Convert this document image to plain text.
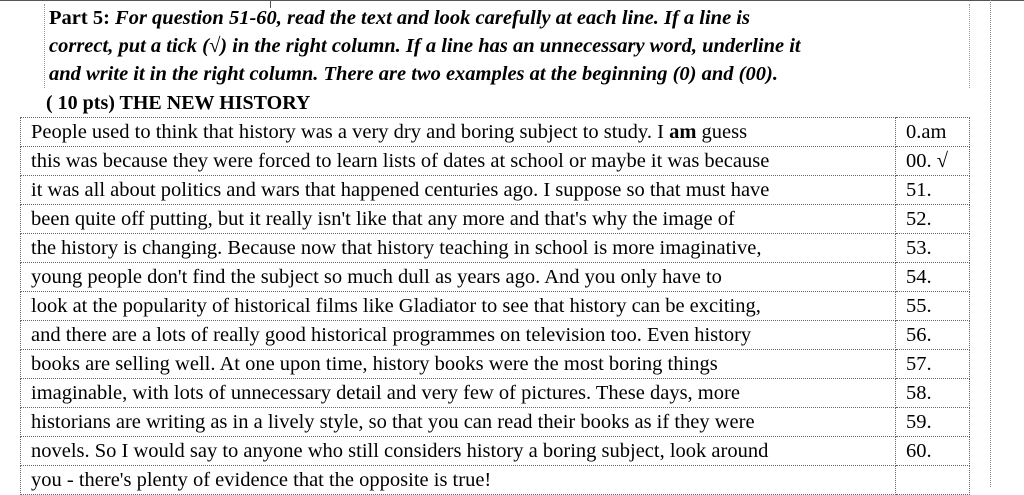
Part 5: For question 51-60, read the text and look carefully at each line. If a line is
correct, put a tick (√) in the right column. If a line has an unnecessary word, underline it
and write it in the right column. There are two examples at the beginning (0) and (00).
( 10 pts) THE NEW HISTORY
People used to think that history was a very dry and boring subject to study. I am guess	0.am
this was because they were forced to learn lists of dates at school or maybe it was because	00. √
it was all about politics and wars that happened centuries ago. I suppose so that must have	51.
been quite off putting, but it really isn't like that any more and that's why the image of	52.
the history is changing. Because now that history teaching in school is more imaginative,	53.
young people don't find the subject so much dull as years ago. And you only have to	54.
look at the popularity of historical films like Gladiator to see that history can be exciting,	55.
and there are a lots of really good historical programmes on television too. Even history	56.
books are selling well. At one upon time, history books were the most boring things	57.
imaginable, with lots of unnecessary detail and very few of pictures. These days, more	58.
historians are writing as in a lively style, so that you can read their books as if they were	59.
novels. So I would say to anyone who still considers history a boring subject, look around	60.
you - there's plenty of evidence that the opposite is true!	
